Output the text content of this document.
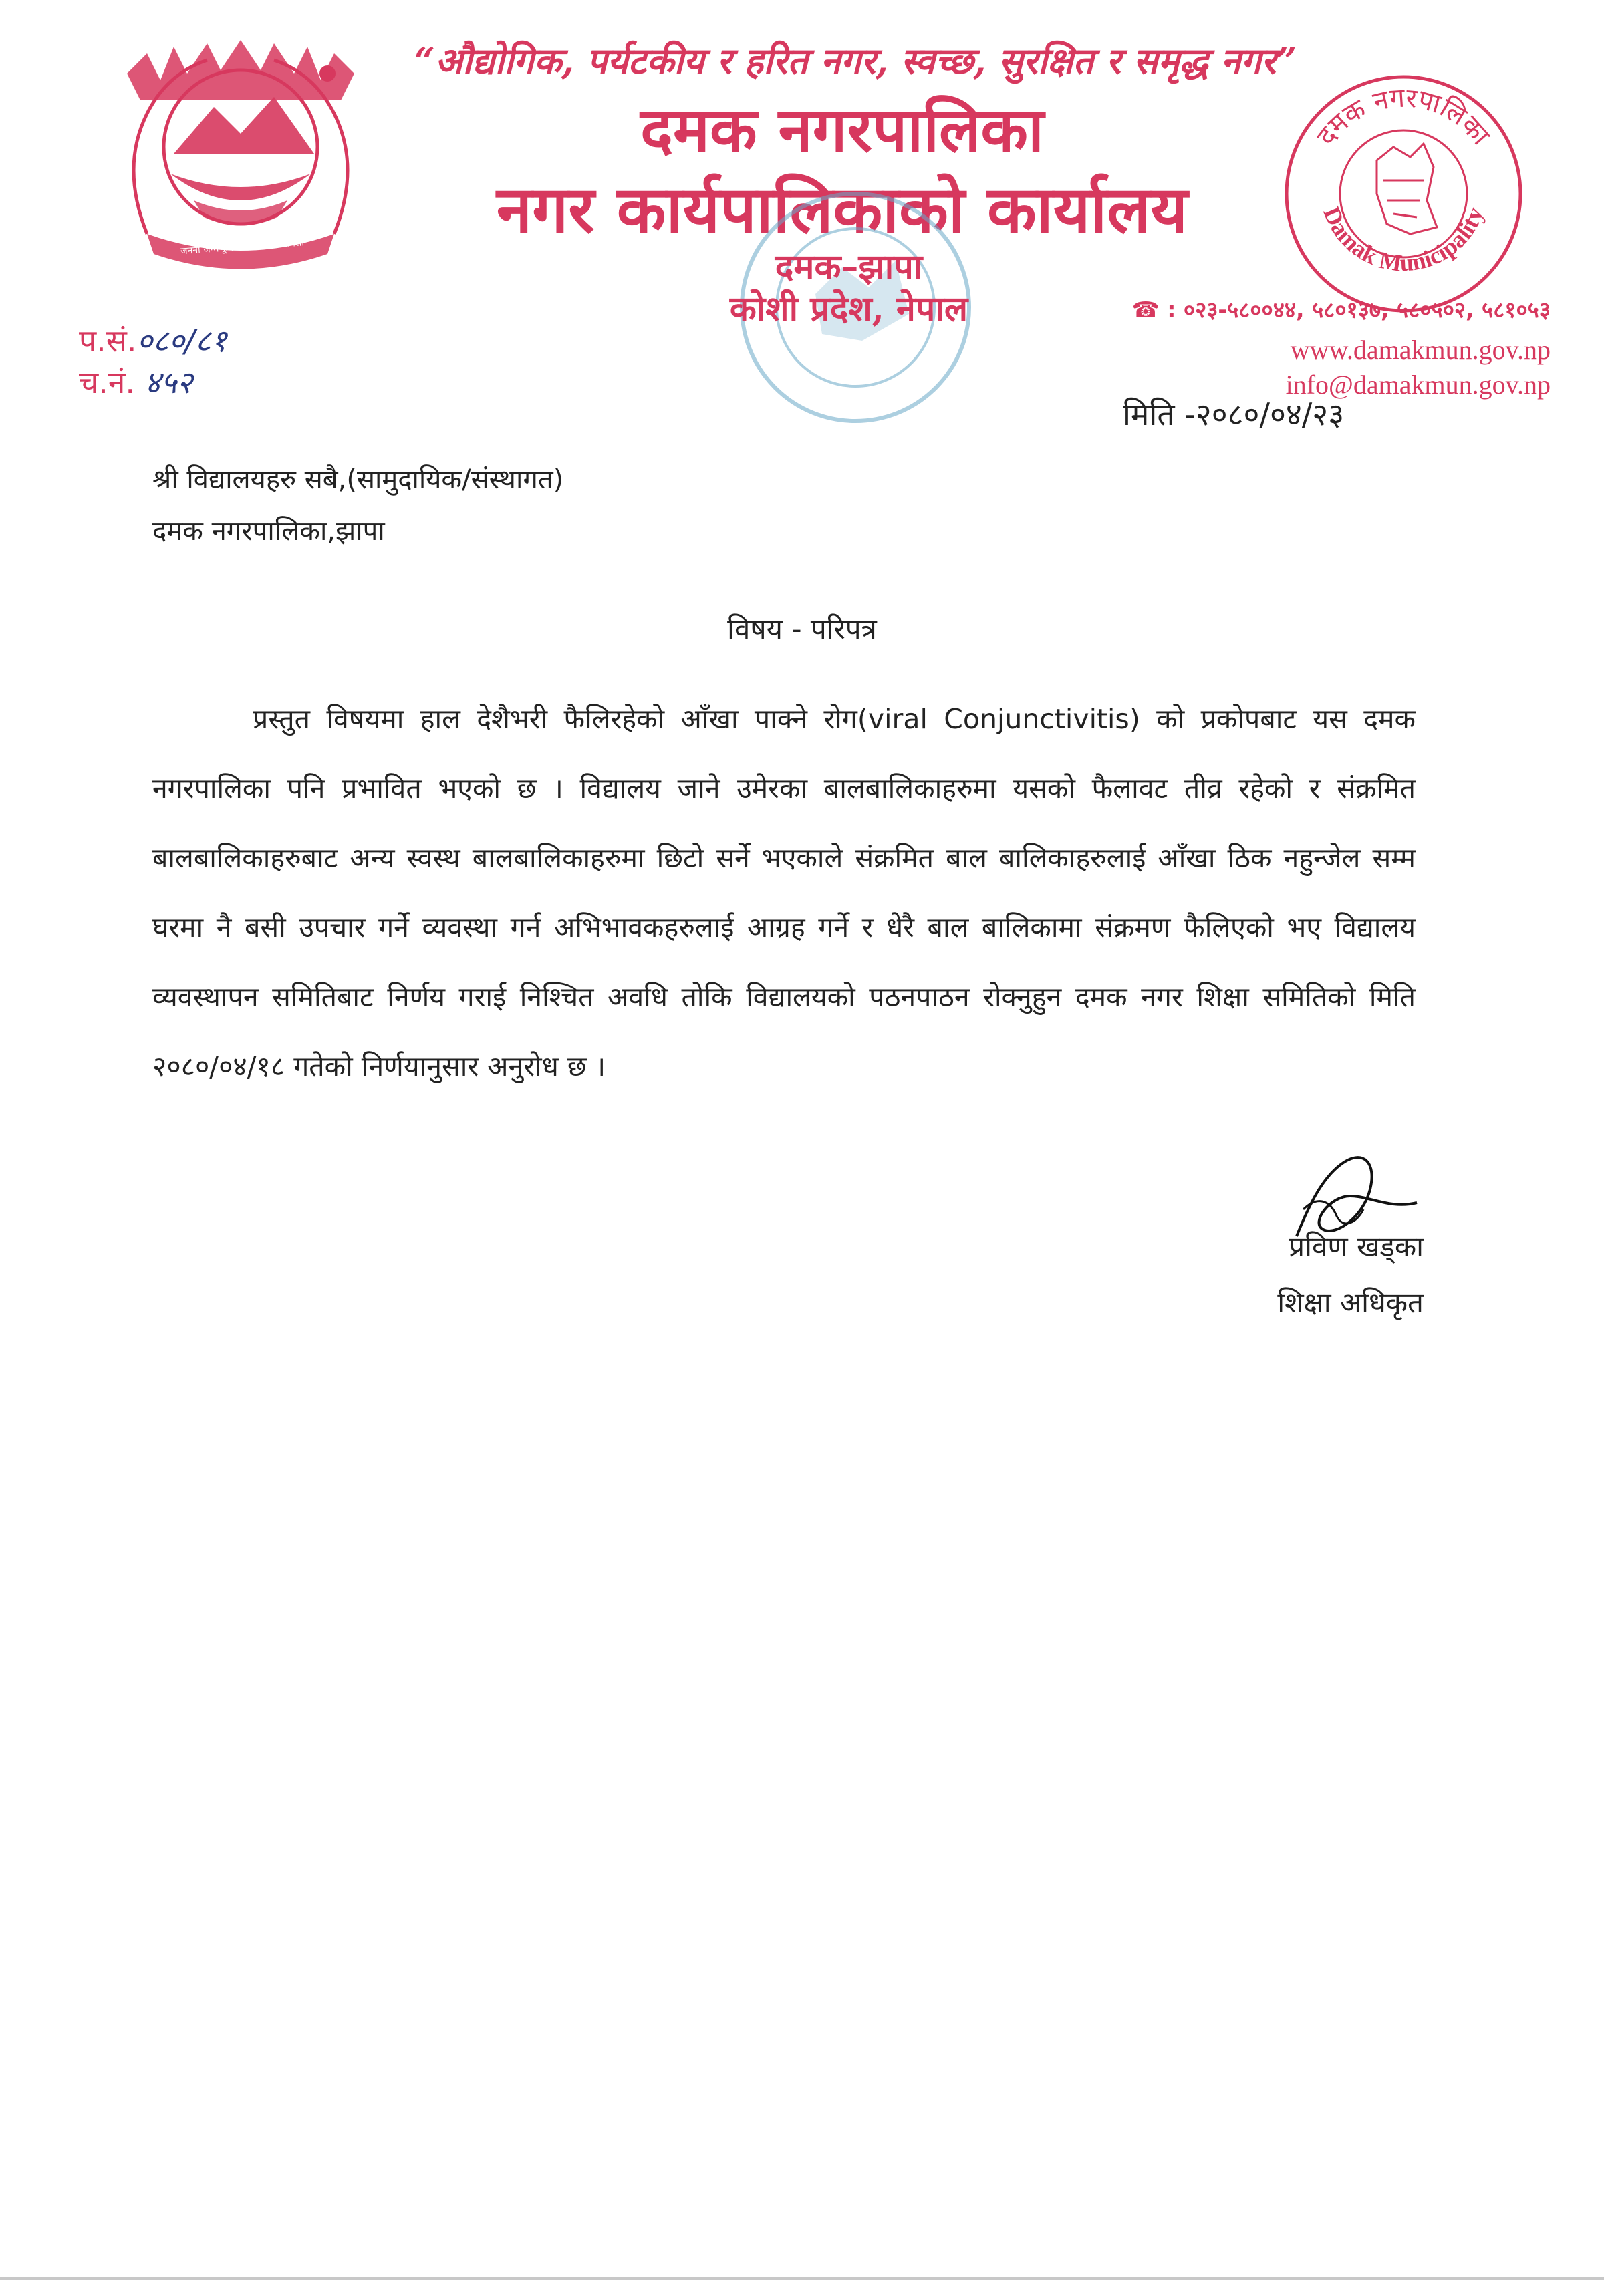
जननी जन्मभूमिश्च स्वर्गादपि गरीयसी
“औद्योगिक, पर्यटकीय र हरित नगर, स्वच्छ, सुरक्षित र समृद्ध नगर”
दमक नगरपालिका
नगर कार्यपालिकाको कार्यालय
दमक–झापा
कोशी प्रदेश, नेपाल
दमक नगरपालिका
Damak Municipality
☎ : ०२३-५८००४४, ५८०१३७, ५८०५०२, ५८१०५३
www.damakmun.gov.np
info@damakmun.gov.np
प.सं.०८०/८१
च.नं. ४५२
मिति -२०८०/०४/२३
श्री विद्यालयहरु सबै,(सामुदायिक/संस्थागत)
दमक नगरपालिका,झापा
विषय - परिपत्र
प्रस्तुत विषयमा हाल देशैभरी फैलिरहेको आँखा पाक्ने रोग(viral Conjunctivitis) को प्रकोपबाट यस दमक नगरपालिका पनि प्रभावित भएको छ । विद्यालय जाने उमेरका बालबालिकाहरुमा यसको फैलावट तीव्र रहेको र संक्रमित बालबालिकाहरुबाट अन्य स्वस्थ बालबालिकाहरुमा छिटो सर्ने भएकाले संक्रमित बाल बालिकाहरुलाई आँखा ठिक नहुन्जेल सम्म घरमा नै बसी उपचार गर्ने व्यवस्था गर्न अभिभावकहरुलाई आग्रह गर्ने र धेरै बाल बालिकामा संक्रमण फैलिएको भए विद्यालय व्यवस्थापन समितिबाट निर्णय गराई निश्चित अवधि तोकि विद्यालयको पठनपाठन रोक्नुहुन दमक नगर शिक्षा समितिको मिति २०८०/०४/१८ गतेको निर्णयानुसार अनुरोध छ ।
प्रविण खड्का
शिक्षा अधिकृत
